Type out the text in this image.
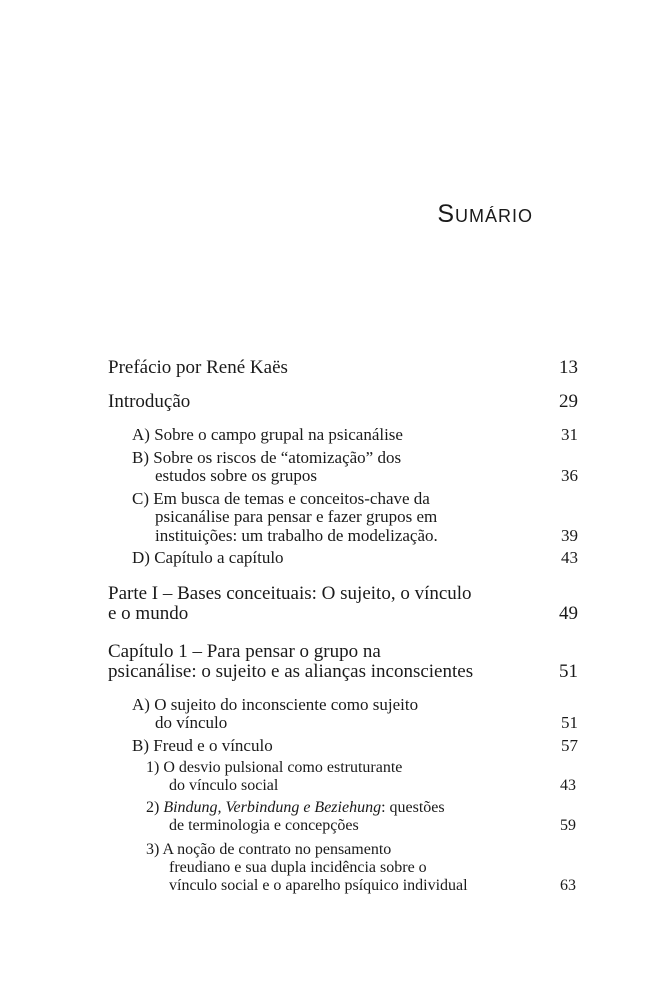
Sumário
Prefácio por René Kaës	13
Introdução	29
A) Sobre o campo grupal na psicanálise	31
B) Sobre os riscos de “atomização” dos
estudos sobre os grupos	36
C) Em busca de temas e conceitos-chave da
psicanálise para pensar e fazer grupos em
instituições: um trabalho de modelização.	39
D) Capítulo a capítulo	43
Parte I – Bases conceituais: O sujeito, o vínculo
e o mundo	49
Capítulo 1 – Para pensar o grupo na
psicanálise: o sujeito e as alianças inconscientes	51
A) O sujeito do inconsciente como sujeito
do vínculo	51
B) Freud e o vínculo	57
1) O desvio pulsional como estruturante
do vínculo social	43
2) Bindung, Verbindung e Beziehung: questões
de terminologia e concepções	59
3) A noção de contrato no pensamento
freudiano e sua dupla incidência sobre o
vínculo social e o aparelho psíquico individual	63
